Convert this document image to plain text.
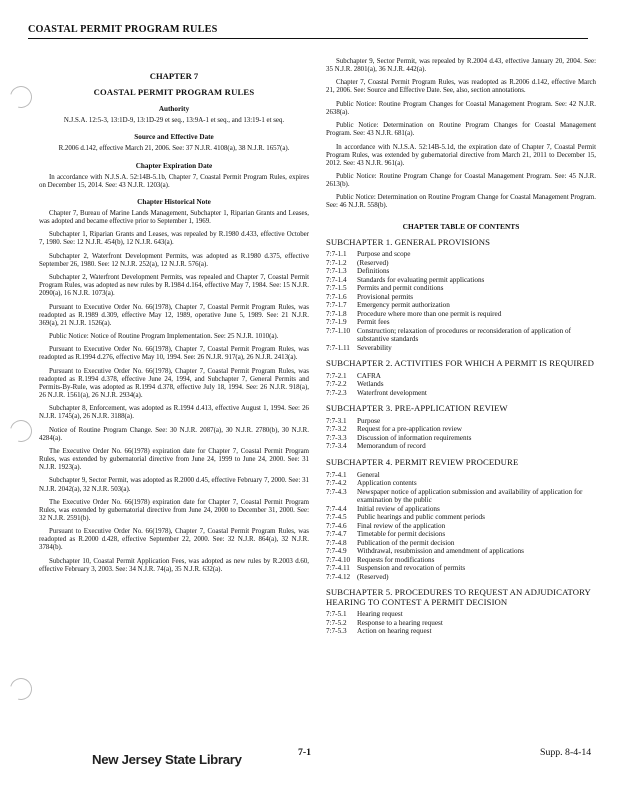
COASTAL PERMIT PROGRAM RULES
CHAPTER 7
COASTAL PERMIT PROGRAM RULES
Authority
N.J.S.A. 12:5-3, 13:1D-9, 13:1D-29 et seq., 13:9A-1 et seq., and 13:19-1 et seq.
Source and Effective Date
R.2006 d.142, effective March 21, 2006. See: 37 N.J.R. 4108(a), 38 N.J.R. 1657(a).
Chapter Expiration Date
In accordance with N.J.S.A. 52:14B-5.1b, Chapter 7, Coastal Permit Program Rules, expires on December 15, 2014. See: 43 N.J.R. 1203(a).
Chapter Historical Note
Chapter 7, Bureau of Marine Lands Management, Subchapter 1, Riparian Grants and Leases, was adopted and became effective prior to September 1, 1969.
Subchapter 1, Riparian Grants and Leases, was repealed by R.1980 d.433, effective October 7, 1980. See: 12 N.J.R. 454(b), 12 N.J.R. 643(a).
Subchapter 2, Waterfront Development Permits, was adopted as R.1980 d.375, effective September 26, 1980. See: 12 N.J.R. 252(a), 12 N.J.R. 576(a).
Subchapter 2, Waterfront Development Permits, was repealed and Chapter 7, Coastal Permit Program Rules, was adopted as new rules by R.1984 d.164, effective May 7, 1984. See: 15 N.J.R. 2090(a), 16 N.J.R. 1073(a).
Pursuant to Executive Order No. 66(1978), Chapter 7, Coastal Permit Program Rules, was readopted as R.1989 d.309, effective May 12, 1989, operative June 5, 1989. See: 21 N.J.R. 369(a), 21 N.J.R. 1526(a).
Public Notice: Notice of Routine Program Implementation. See: 25 N.J.R. 1010(a).
Pursuant to Executive Order No. 66(1978), Chapter 7, Coastal Permit Program Rules, was readopted as R.1994 d.276, effective May 10, 1994. See: 26 N.J.R. 917(a), 26 N.J.R. 2413(a).
Pursuant to Executive Order No. 66(1978), Chapter 7, Coastal Permit Program Rules, was readopted as R.1994 d.378, effective June 24, 1994, and Subchapter 7, General Permits and Permits-By-Rule, was adopted as R.1994 d.378, effective July 18, 1994. See: 26 N.J.R. 918(a), 26 N.J.R. 1561(a), 26 N.J.R. 2934(a).
Subchapter 8, Enforcement, was adopted as R.1994 d.413, effective August 1, 1994. See: 26 N.J.R. 1745(a), 26 N.J.R. 3188(a).
Notice of Routine Program Change. See: 30 N.J.R. 2087(a), 30 N.J.R. 2780(b), 30 N.J.R. 4284(a).
The Executive Order No. 66(1978) expiration date for Chapter 7, Coastal Permit Program Rules, was extended by gubernatorial directive from June 24, 1999 to June 24, 2000. See: 31 N.J.R. 1923(a).
Subchapter 9, Sector Permit, was adopted as R.2000 d.45, effective February 7, 2000. See: 31 N.J.R. 2042(a), 32 N.J.R. 503(a).
The Executive Order No. 66(1978) expiration date for Chapter 7, Coastal Permit Program Rules, was extended by gubernatorial directive from June 24, 2000 to December 31, 2000. See: 32 N.J.R. 2591(b).
Pursuant to Executive Order No. 66(1978), Chapter 7, Coastal Permit Program Rules, was readopted as R.2000 d.428, effective September 22, 2000. See: 32 N.J.R. 864(a), 32 N.J.R. 3784(b).
Subchapter 10, Coastal Permit Application Fees, was adopted as new rules by R.2003 d.60, effective February 3, 2003. See: 34 N.J.R. 74(a), 35 N.J.R. 632(a).
Subchapter 9, Sector Permit, was repealed by R.2004 d.43, effective January 20, 2004. See: 35 N.J.R. 2801(a), 36 N.J.R. 442(a).
Chapter 7, Coastal Permit Program Rules, was readopted as R.2006 d.142, effective March 21, 2006. See: Source and Effective Date. See, also, section annotations.
Public Notice: Routine Program Changes for Coastal Management Program. See: 42 N.J.R. 2638(a).
Public Notice: Determination on Routine Program Changes for Coastal Management Program. See: 43 N.J.R. 681(a).
In accordance with N.J.S.A. 52:14B-5.1d, the expiration date of Chapter 7, Coastal Permit Program Rules, was extended by gubernatorial directive from March 21, 2011 to December 15, 2012. See: 43 N.J.R. 961(a).
Public Notice: Routine Program Change for Coastal Management Program. See: 45 N.J.R. 2613(b).
Public Notice: Determination on Routine Program Change for Coastal Management Program. See: 46 N.J.R. 558(b).
CHAPTER TABLE OF CONTENTS
SUBCHAPTER 1. GENERAL PROVISIONS
7:7-1.1	Purpose and scope
7:7-1.2	(Reserved)
7:7-1.3	Definitions
7:7-1.4	Standards for evaluating permit applications
7:7-1.5	Permits and permit conditions
7:7-1.6	Provisional permits
7:7-1.7	Emergency permit authorization
7:7-1.8	Procedure where more than one permit is required
7:7-1.9	Permit fees
7:7-1.10 Construction; relaxation of procedures or reconsideration of application of substantive standards
7:7-1.11 Severability
SUBCHAPTER 2. ACTIVITIES FOR WHICH A PERMIT IS REQUIRED
7:7-2.1	CAFRA
7:7-2.2	Wetlands
7:7-2.3	Waterfront development
SUBCHAPTER 3. PRE-APPLICATION REVIEW
7:7-3.1	Purpose
7:7-3.2	Request for a pre-application review
7:7-3.3	Discussion of information requirements
7:7-3.4	Memorandum of record
SUBCHAPTER 4. PERMIT REVIEW PROCEDURE
7:7-4.1	General
7:7-4.2	Application contents
7:7-4.3	Newspaper notice of application submission and availability of application for examination by the public
7:7-4.4	Initial review of applications
7:7-4.5	Public hearings and public comment periods
7:7-4.6	Final review of the application
7:7-4.7	Timetable for permit decisions
7:7-4.8	Publication of the permit decision
7:7-4.9	Withdrawal, resubmission and amendment of applications
7:7-4.10 Requests for modifications
7:7-4.11 Suspension and revocation of permits
7:7-4.12 (Reserved)
SUBCHAPTER 5. PROCEDURES TO REQUEST AN ADJUDICATORY HEARING TO CONTEST A PERMIT DECISION
7:7-5.1	Hearing request
7:7-5.2	Response to a hearing request
7:7-5.3	Action on hearing request
New Jersey State Library	7-1	Supp. 8-4-14
